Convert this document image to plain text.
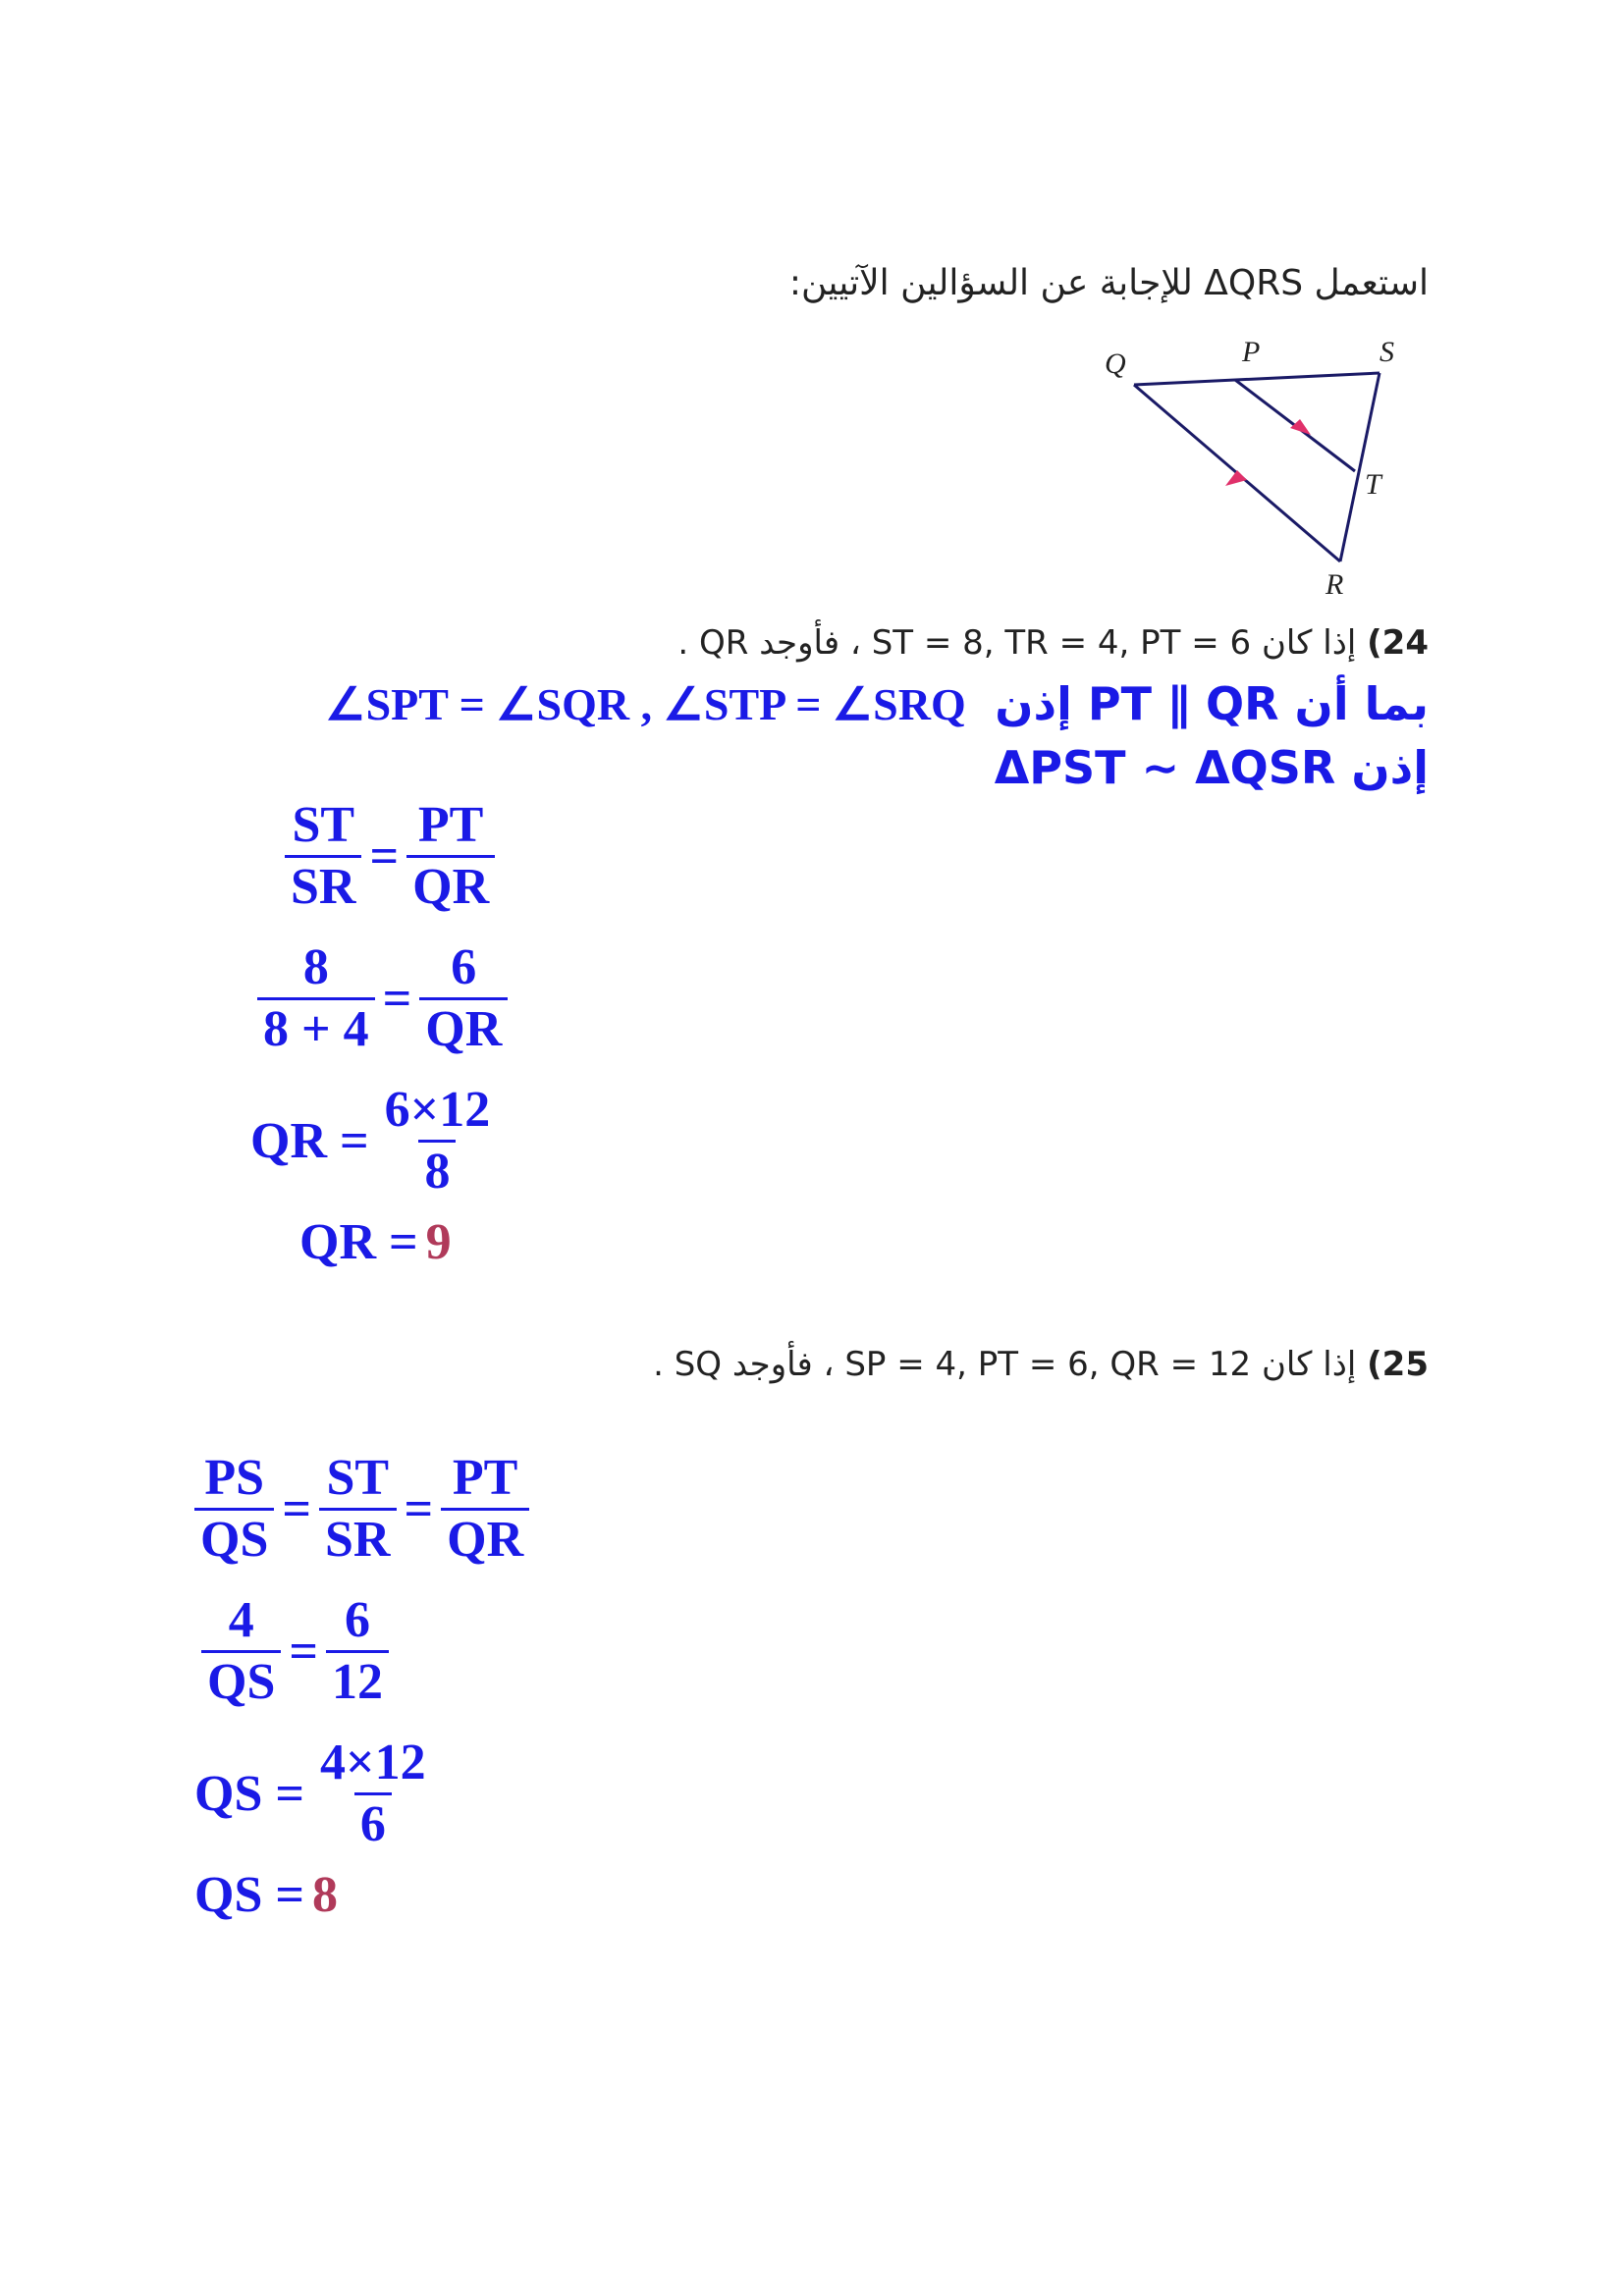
استعمل ΔQRS للإجابة عن السؤالين الآتيين:
Q	P	S
T
R
24) إذا كان ST = 8, TR = 4, PT = 6 ، فأوجد QR .
بما أن PT ∥ QR إذن ∠SPT = ∠SQR , ∠STP = ∠SRQ
إذن ΔPST ∼ ΔQSR
$\frac{ST}{SR} = \frac{PT}{QR}$
$\frac{8}{8 + 4} = \frac{6}{QR}$
QR = $\frac{6\times 12}{8}$
QR = 9
25) إذا كان SP = 4, PT = 6, QR = 12 ، فأوجد SQ .
$\frac{PS}{QS} = \frac{ST}{SR} = \frac{PT}{QR}$
$\frac{4}{QS} = \frac{6}{12}$
QS = $\frac{4\times 12}{6}$
QS = 8
